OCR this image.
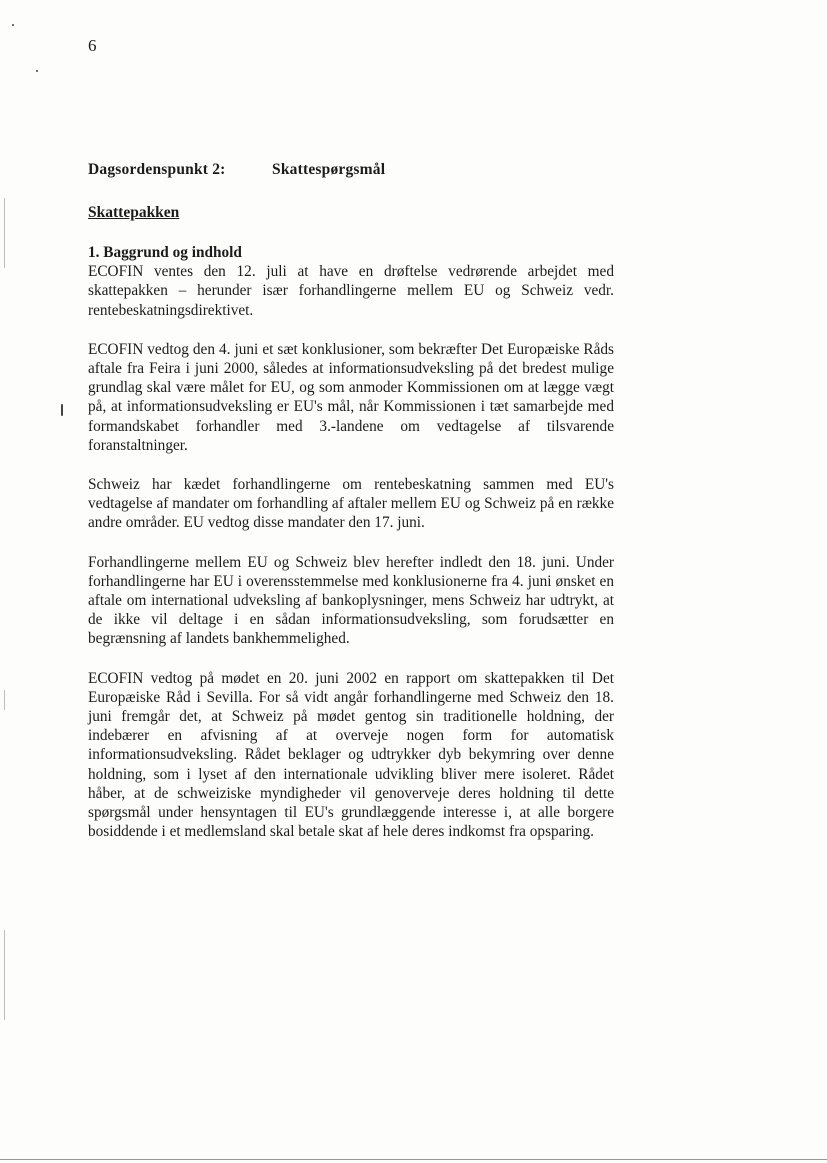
6
Dagsordenspunkt 2:	Skattespørgsmål
Skattepakken

1. Baggrund og indhold

ECOFIN ventes den 12. juli at have en drøftelse vedrørende arbejdet med skattepakken – herunder især forhandlingerne mellem EU og Schweiz vedr. rentebeskatningsdirektivet.

ECOFIN vedtog den 4. juni et sæt konklusioner, som bekræfter Det Europæiske Råds aftale fra Feira i juni 2000, således at informationsudveksling på det bredest mulige grundlag skal være målet for EU, og som anmoder Kommissionen om at lægge vægt på, at informationsudveksling er EU's mål, når Kommissionen i tæt samarbejde med formandskabet forhandler med 3.-landene om vedtagelse af tilsvarende foranstaltninger.

Schweiz har kædet forhandlingerne om rentebeskatning sammen med EU's vedtagelse af mandater om forhandling af aftaler mellem EU og Schweiz på en række andre områder. EU vedtog disse mandater den 17. juni.

Forhandlingerne mellem EU og Schweiz blev herefter indledt den 18. juni. Under forhandlingerne har EU i overensstemmelse med konklusionerne fra 4. juni ønsket en aftale om international udveksling af bankoplysninger, mens Schweiz har udtrykt, at de ikke vil deltage i en sådan informationsudveksling, som forudsætter en begrænsning af landets bankhemmelighed.

ECOFIN vedtog på mødet en 20. juni 2002 en rapport om skattepakken til Det Europæiske Råd i Sevilla. For så vidt angår forhandlingerne med Schweiz den 18. juni fremgår det, at Schweiz på mødet gentog sin traditionelle holdning, der indebærer en afvisning af at overveje nogen form for automatisk informationsudveksling. Rådet beklager og udtrykker dyb bekymring over denne holdning, som i lyset af den internationale udvikling bliver mere isoleret. Rådet håber, at de schweiziske myndigheder vil genoverveje deres holdning til dette spørgsmål under hensyntagen til EU's grundlæggende interesse i, at alle borgere bosiddende i et medlemsland skal betale skat af hele deres indkomst fra opsparing.
